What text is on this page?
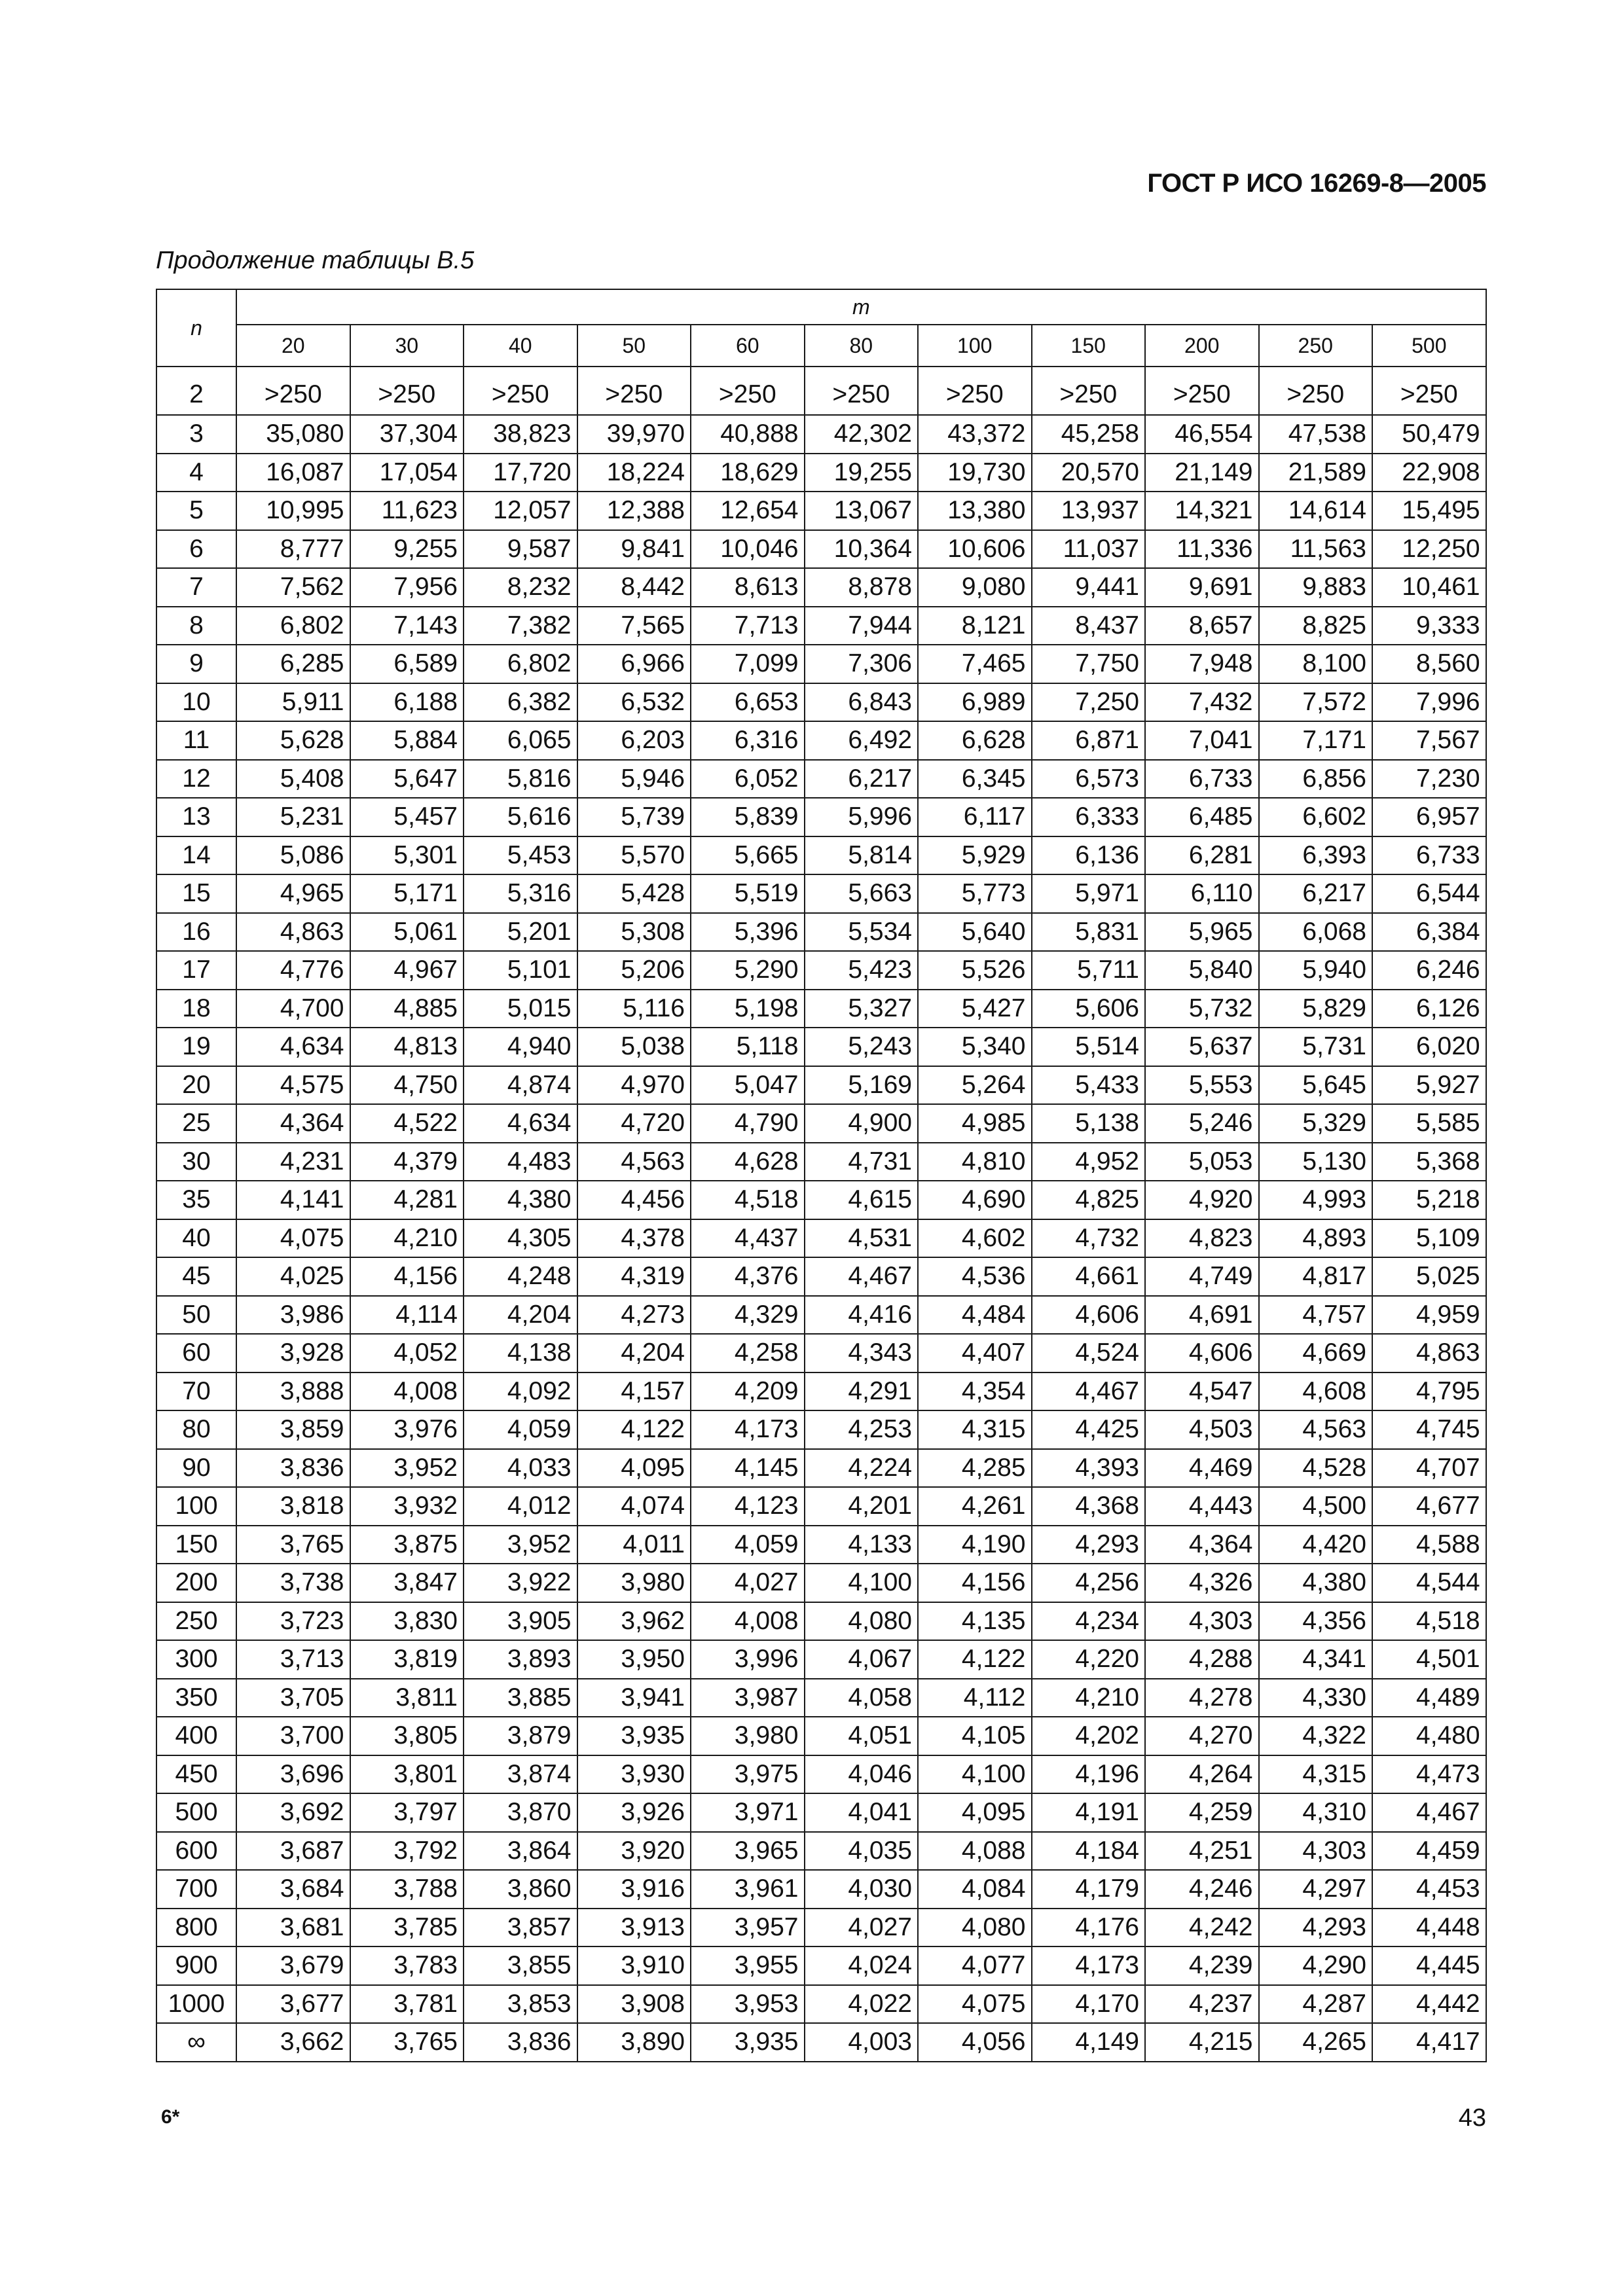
ГОСТ Р ИСО 16269-8—2005
Продолжение таблицы В.5
n	m										
	20	30	40	50	60	80	100	150	200	250	500
2	>250	>250	>250	>250	>250	>250	>250	>250	>250	>250	>250
3	35,080	37,304	38,823	39,970	40,888	42,302	43,372	45,258	46,554	47,538	50,479
4	16,087	17,054	17,720	18,224	18,629	19,255	19,730	20,570	21,149	21,589	22,908
5	10,995	11,623	12,057	12,388	12,654	13,067	13,380	13,937	14,321	14,614	15,495
6	8,777	9,255	9,587	9,841	10,046	10,364	10,606	11,037	11,336	11,563	12,250
7	7,562	7,956	8,232	8,442	8,613	8,878	9,080	9,441	9,691	9,883	10,461
8	6,802	7,143	7,382	7,565	7,713	7,944	8,121	8,437	8,657	8,825	9,333
9	6,285	6,589	6,802	6,966	7,099	7,306	7,465	7,750	7,948	8,100	8,560
10	5,911	6,188	6,382	6,532	6,653	6,843	6,989	7,250	7,432	7,572	7,996
11	5,628	5,884	6,065	6,203	6,316	6,492	6,628	6,871	7,041	7,171	7,567
12	5,408	5,647	5,816	5,946	6,052	6,217	6,345	6,573	6,733	6,856	7,230
13	5,231	5,457	5,616	5,739	5,839	5,996	6,117	6,333	6,485	6,602	6,957
14	5,086	5,301	5,453	5,570	5,665	5,814	5,929	6,136	6,281	6,393	6,733
15	4,965	5,171	5,316	5,428	5,519	5,663	5,773	5,971	6,110	6,217	6,544
16	4,863	5,061	5,201	5,308	5,396	5,534	5,640	5,831	5,965	6,068	6,384
17	4,776	4,967	5,101	5,206	5,290	5,423	5,526	5,711	5,840	5,940	6,246
18	4,700	4,885	5,015	5,116	5,198	5,327	5,427	5,606	5,732	5,829	6,126
19	4,634	4,813	4,940	5,038	5,118	5,243	5,340	5,514	5,637	5,731	6,020
20	4,575	4,750	4,874	4,970	5,047	5,169	5,264	5,433	5,553	5,645	5,927
25	4,364	4,522	4,634	4,720	4,790	4,900	4,985	5,138	5,246	5,329	5,585
30	4,231	4,379	4,483	4,563	4,628	4,731	4,810	4,952	5,053	5,130	5,368
35	4,141	4,281	4,380	4,456	4,518	4,615	4,690	4,825	4,920	4,993	5,218
40	4,075	4,210	4,305	4,378	4,437	4,531	4,602	4,732	4,823	4,893	5,109
45	4,025	4,156	4,248	4,319	4,376	4,467	4,536	4,661	4,749	4,817	5,025
50	3,986	4,114	4,204	4,273	4,329	4,416	4,484	4,606	4,691	4,757	4,959
60	3,928	4,052	4,138	4,204	4,258	4,343	4,407	4,524	4,606	4,669	4,863
70	3,888	4,008	4,092	4,157	4,209	4,291	4,354	4,467	4,547	4,608	4,795
80	3,859	3,976	4,059	4,122	4,173	4,253	4,315	4,425	4,503	4,563	4,745
90	3,836	3,952	4,033	4,095	4,145	4,224	4,285	4,393	4,469	4,528	4,707
100	3,818	3,932	4,012	4,074	4,123	4,201	4,261	4,368	4,443	4,500	4,677
150	3,765	3,875	3,952	4,011	4,059	4,133	4,190	4,293	4,364	4,420	4,588
200	3,738	3,847	3,922	3,980	4,027	4,100	4,156	4,256	4,326	4,380	4,544
250	3,723	3,830	3,905	3,962	4,008	4,080	4,135	4,234	4,303	4,356	4,518
300	3,713	3,819	3,893	3,950	3,996	4,067	4,122	4,220	4,288	4,341	4,501
350	3,705	3,811	3,885	3,941	3,987	4,058	4,112	4,210	4,278	4,330	4,489
400	3,700	3,805	3,879	3,935	3,980	4,051	4,105	4,202	4,270	4,322	4,480
450	3,696	3,801	3,874	3,930	3,975	4,046	4,100	4,196	4,264	4,315	4,473
500	3,692	3,797	3,870	3,926	3,971	4,041	4,095	4,191	4,259	4,310	4,467
600	3,687	3,792	3,864	3,920	3,965	4,035	4,088	4,184	4,251	4,303	4,459
700	3,684	3,788	3,860	3,916	3,961	4,030	4,084	4,179	4,246	4,297	4,453
800	3,681	3,785	3,857	3,913	3,957	4,027	4,080	4,176	4,242	4,293	4,448
900	3,679	3,783	3,855	3,910	3,955	4,024	4,077	4,173	4,239	4,290	4,445
1000	3,677	3,781	3,853	3,908	3,953	4,022	4,075	4,170	4,237	4,287	4,442
∞	3,662	3,765	3,836	3,890	3,935	4,003	4,056	4,149	4,215	4,265	4,417
6*	43
